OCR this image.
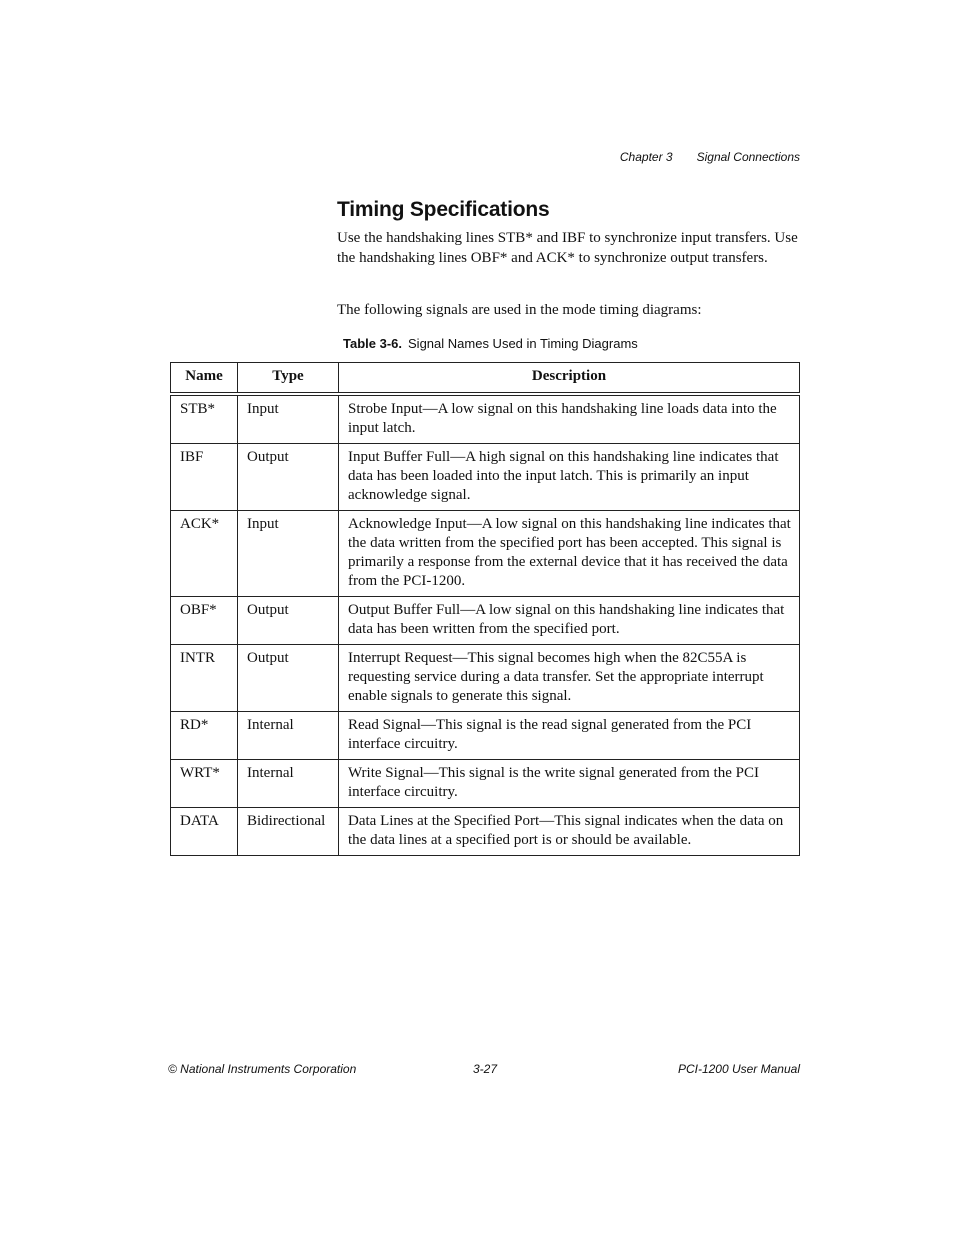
Chapter 3 Signal Connections
Timing Specifications

Use the handshaking lines STB* and IBF to synchronize input transfers. Use the handshaking lines OBF* and ACK* to synchronize output transfers.

The following signals are used in the mode timing diagrams:

Table 3-6. Signal Names Used in Timing Diagrams
Name	Type	Description
STB*	Input	Strobe Input—A low signal on this handshaking line loads data into the input latch.
IBF	Output	Input Buffer Full—A high signal on this handshaking line indicates that data has been loaded into the input latch. This is primarily an input acknowledge signal.
ACK*	Input	Acknowledge Input—A low signal on this handshaking line indicates that the data written from the specified port has been accepted. This signal is primarily a response from the external device that it has received the data from the PCI-1200.
OBF*	Output	Output Buffer Full—A low signal on this handshaking line indicates that data has been written from the specified port.
INTR	Output	Interrupt Request—This signal becomes high when the 82C55A is requesting service during a data transfer. Set the appropriate interrupt enable signals to generate this signal.
RD*	Internal	Read Signal—This signal is the read signal generated from the PCI interface circuitry.
WRT*	Internal	Write Signal—This signal is the write signal generated from the PCI interface circuitry.
DATA	Bidirectional	Data Lines at the Specified Port—This signal indicates when the data on the data lines at a specified port is or should be available.
© National Instruments Corporation	3-27	PCI-1200 User Manual
